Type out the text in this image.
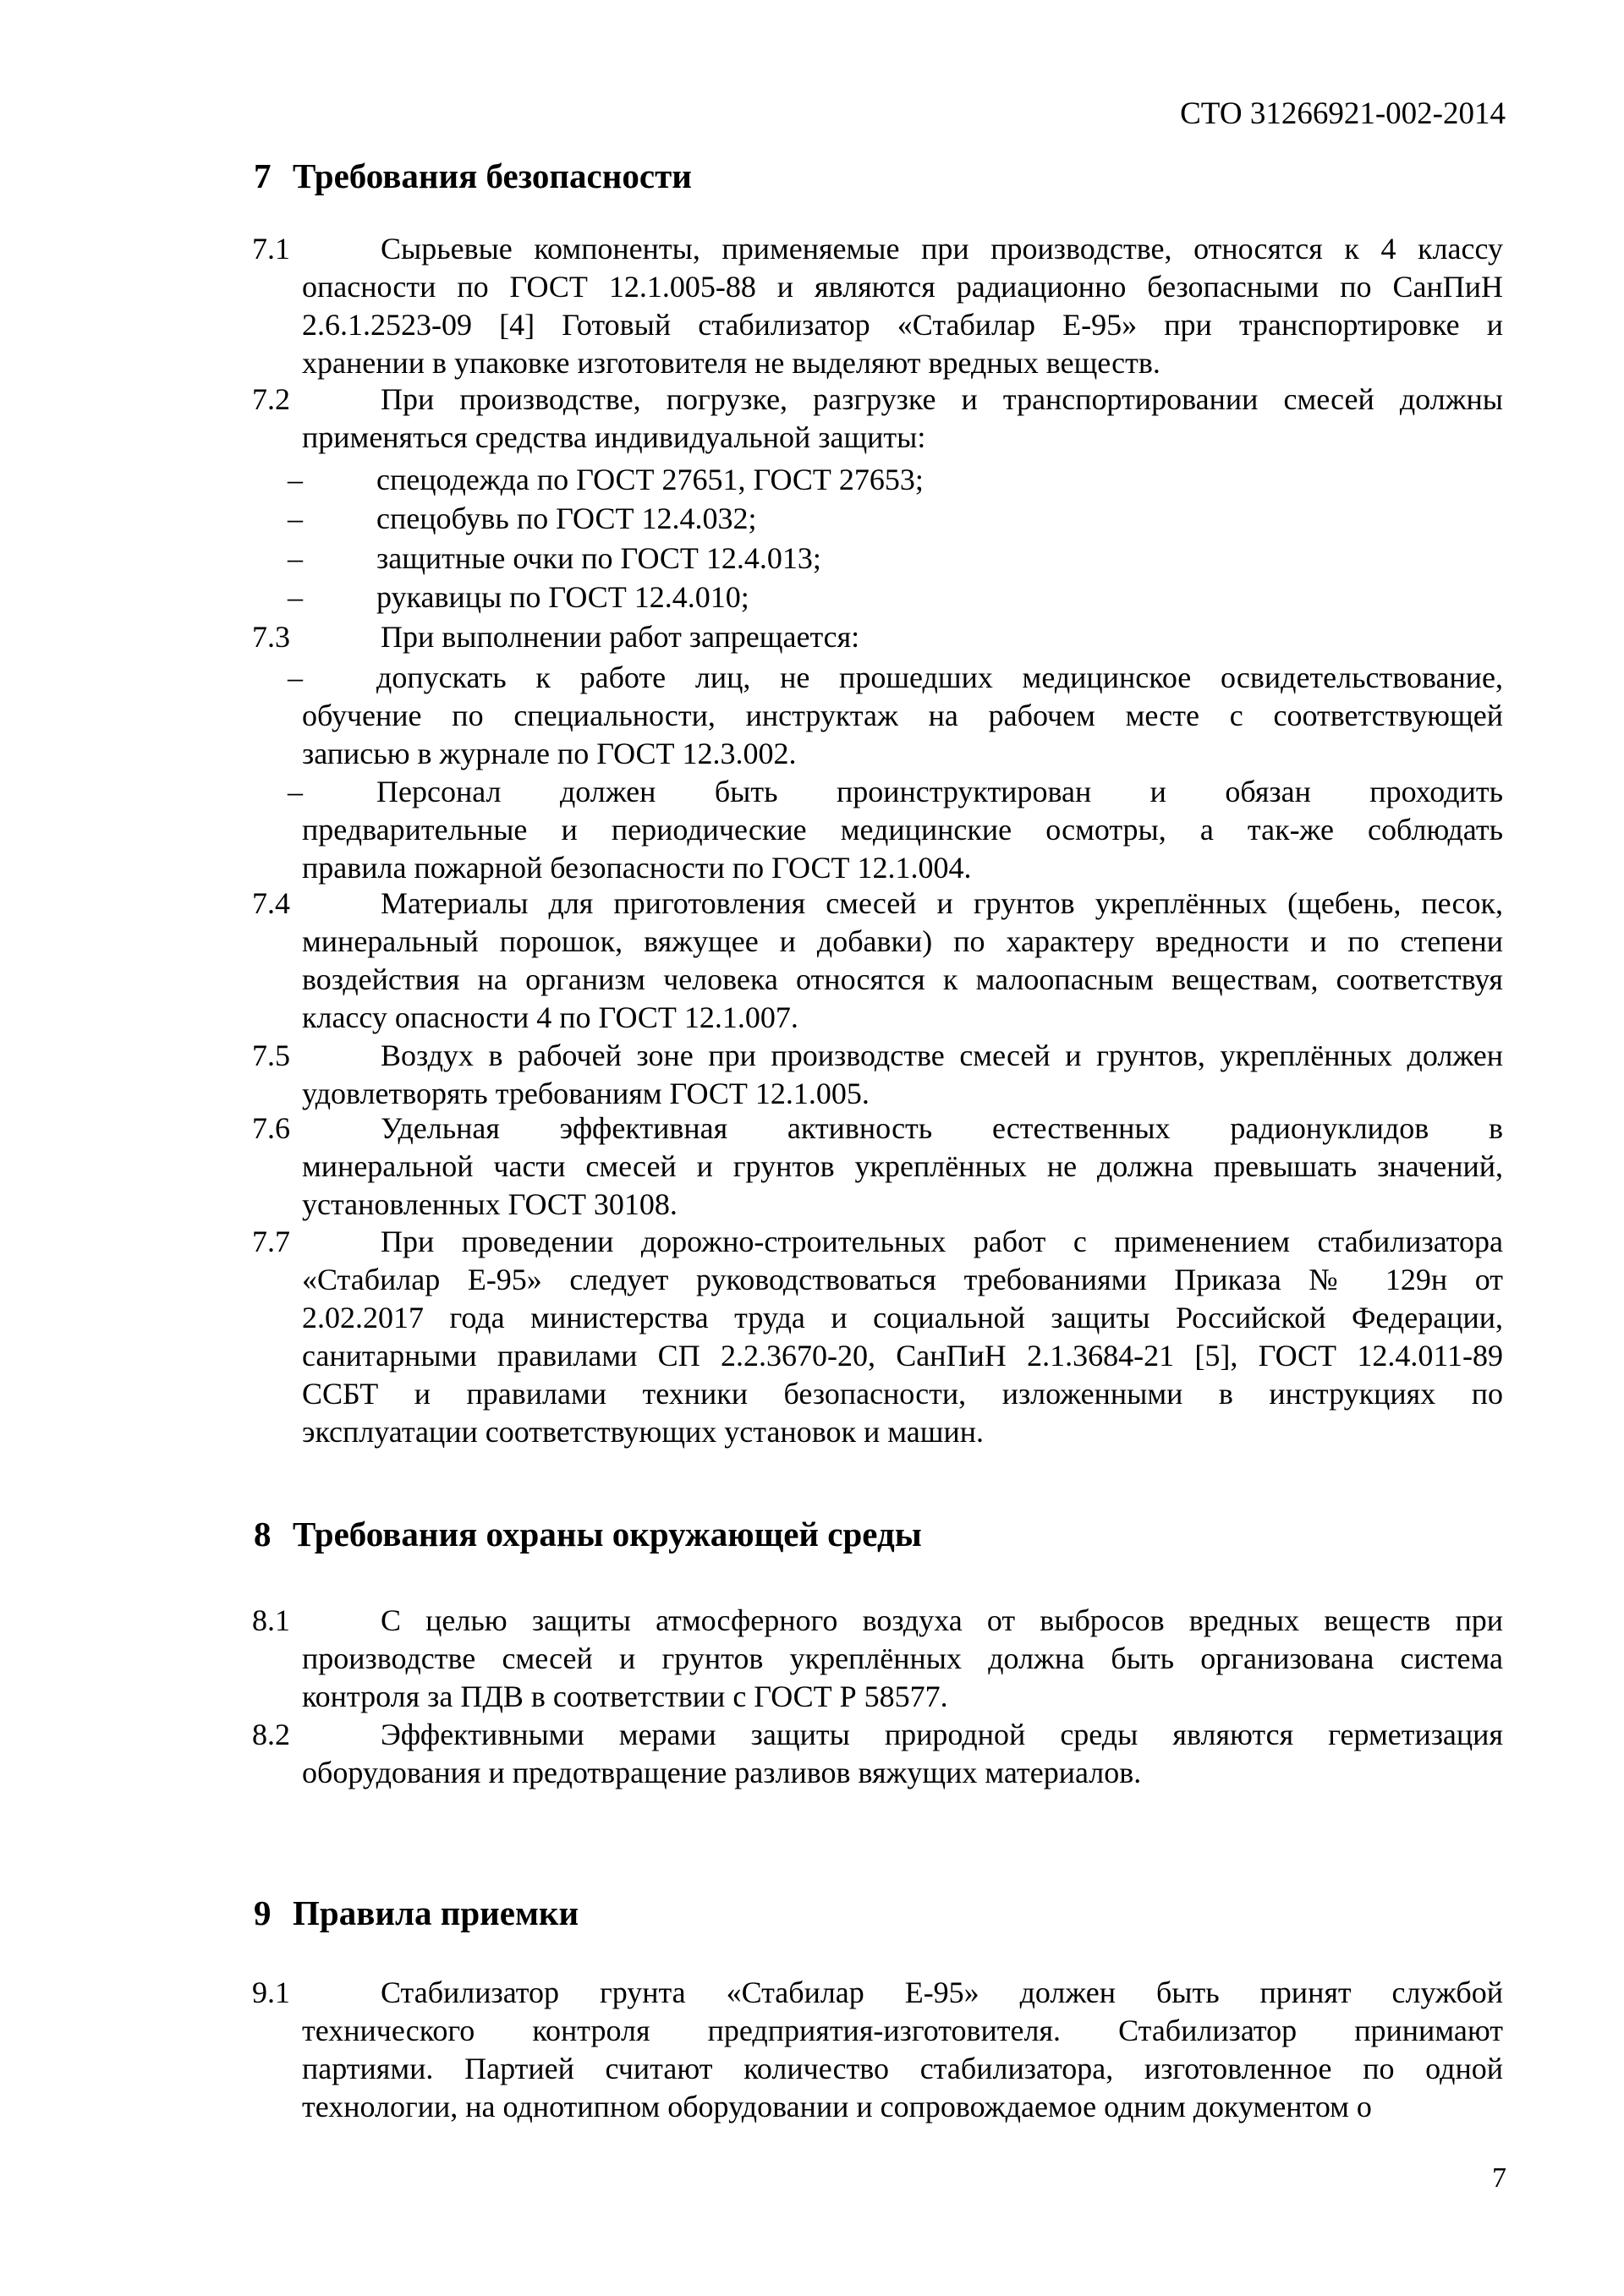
СТО 31266921-002-2014
7 Требования безопасности
7.1	Сырьевые компоненты, применяемые при производстве, относятся к 4 классу
опасности по ГОСТ 12.1.005-88 и являются радиационно безопасными по СанПиН
2.6.1.2523-09 [4] Готовый стабилизатор «Стабилар Е-95» при транспортировке и
хранении в упаковке изготовителя не выделяют вредных веществ.
7.2	При производстве, погрузке, разгрузке и транспортировании смесей должны
применяться средства индивидуальной защиты:
– спецодежда по ГОСТ 27651, ГОСТ 27653;
– спецобувь по ГОСТ 12.4.032;
– защитные очки по ГОСТ 12.4.013;
– рукавицы по ГОСТ 12.4.010;
7.3	При выполнении работ запрещается:
– допускать к работе лиц, не прошедших медицинское освидетельствование,
обучение по специальности, инструктаж на рабочем месте с соответствующей
записью в журнале по ГОСТ 12.3.002.
– Персонал должен быть проинструктирован и обязан проходить
предварительные и периодические медицинские осмотры, а так-же соблюдать
правила пожарной безопасности по ГОСТ 12.1.004.
7.4	Материалы для приготовления смесей и грунтов укреплённых (щебень, песок,
минеральный порошок, вяжущее и добавки) по характеру вредности и по степени
воздействия на организм человека относятся к малоопасным веществам, соответствуя
классу опасности 4 по ГОСТ 12.1.007.
7.5	Воздух в рабочей зоне при производстве смесей и грунтов, укреплённых должен
удовлетворять требованиям ГОСТ 12.1.005.
7.6	Удельная эффективная активность естественных радионуклидов в
минеральной части смесей и грунтов укреплённых не должна превышать значений,
установленных ГОСТ 30108.
7.7	При проведении дорожно-строительных работ с применением стабилизатора
«Стабилар Е-95» следует руководствоваться требованиями Приказа № 129н от
2.02.2017 года министерства труда и социальной защиты Российской Федерации,
санитарными правилами СП 2.2.3670-20, СанПиН 2.1.3684-21 [5], ГОСТ 12.4.011-89
ССБТ и правилами техники безопасности, изложенными в инструкциях по
эксплуатации соответствующих установок и машин.
8 Требования охраны окружающей среды
8.1	С целью защиты атмосферного воздуха от выбросов вредных веществ при
производстве смесей и грунтов укреплённых должна быть организована система
контроля за ПДВ в соответствии с ГОСТ Р 58577.
8.2	Эффективными мерами защиты природной среды являются герметизация
оборудования и предотвращение разливов вяжущих материалов.
9 Правила приемки
9.1	Стабилизатор грунта «Стабилар Е-95» должен быть принят службой
технического контроля предприятия-изготовителя. Стабилизатор принимают
партиями. Партией считают количество стабилизатора, изготовленное по одной
технологии, на однотипном оборудовании и сопровождаемое одним документом о
7
